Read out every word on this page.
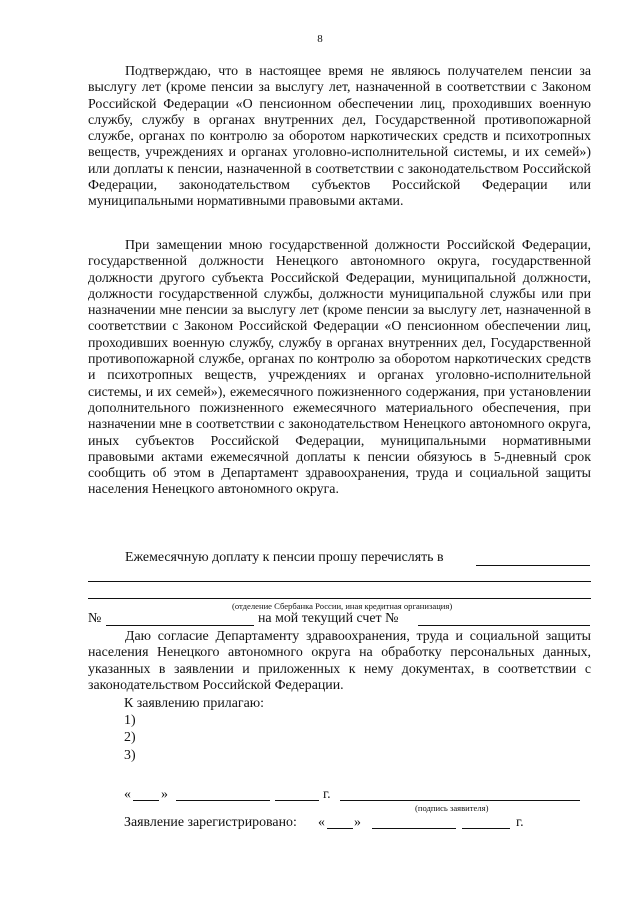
8

Подтверждаю, что в настоящее время не являюсь получателем пенсии за выслугу лет (кроме пенсии за выслугу лет, назначенной в соответствии с Законом Российской Федерации «О пенсионном обеспечении лиц, проходивших военную службу, службу в органах внутренних дел, Государственной противопожарной службе, органах по контролю за оборотом наркотических средств и психотропных веществ, учреждениях и органах уголовно-исполнительной системы, и их семей») или доплаты к пенсии, назначенной в соответствии с законодательством Российской Федерации, законодательством субъектов Российской Федерации или муниципальными нормативными правовыми актами.

При замещении мною государственной должности Российской Федерации, государственной должности Ненецкого автономного округа, государственной должности другого субъекта Российской Федерации, муниципальной должности, должности государственной службы, должности муниципальной службы или при назначении мне пенсии за выслугу лет (кроме пенсии за выслугу лет, назначенной в соответствии с Законом Российской Федерации «О пенсионном обеспечении лиц, проходивших военную службу, службу в органах внутренних дел, Государственной противопожарной службе, органах по контролю за оборотом наркотических средств и психотропных веществ, учреждениях и органах уголовно-исполнительной системы, и их семей»), ежемесячного пожизненного содержания, при установлении дополнительного пожизненного ежемесячного материального обеспечения, при назначении мне в соответствии с законодательством Ненецкого автономного округа, иных субъектов Российской Федерации, муниципальными нормативными правовыми актами ежемесячной доплаты к пенсии обязуюсь в 5-дневный срок сообщить об этом в Департамент здравоохранения, труда и социальной защиты населения Ненецкого автономного округа.

Ежемесячную доплату к пенсии прошу перечислять в

(отделение Сбербанка России, иная кредитная организация)
№	на мой текущий счет №

Даю согласие Департаменту здравоохранения, труда и социальной защиты населения Ненецкого автономного округа на обработку персональных данных, указанных в заявлении и приложенных к нему документах, в соответствии с законодательством Российской Федерации.

К заявлению прилагаю:
1)
2)
3)
« »	г.
(подпись заявителя)
Заявление зарегистрировано: « »	г.
